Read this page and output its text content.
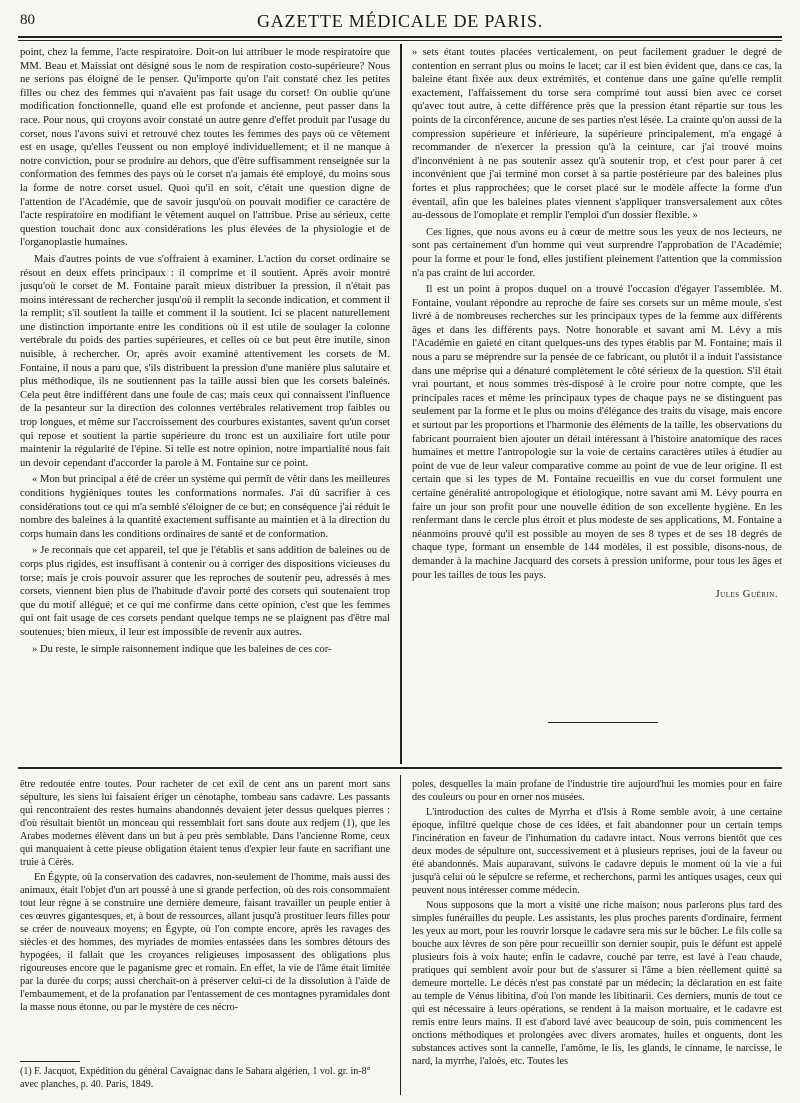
80	GAZETTE MÉDICALE DE PARIS.

point, chez la femme, l'acte respiratoire. Doit-on lui attribuer le mode respiratoire que MM. Beau et Maissiat ont désigné sous le nom de respiration costo-supérieure? Nous ne serions pas éloigné de le penser. Qu'importe qu'on l'ait constaté chez les petites filles ou chez des femmes qui n'avaient pas fait usage du corset! On oublie qu'une modification fonctionnelle, quand elle est profonde et ancienne, peut passer dans la race. Pour nous, qui croyons avoir constaté un autre genre d'effet produit par l'usage du corset, nous l'avons suivi et retrouvé chez toutes les femmes des pays où ce vêtement est en usage, qu'elles l'eussent ou non employé individuellement; et il ne manque à notre conviction, pour se produire au dehors, que d'être suffisamment renseignée sur la conformation des femmes des pays où le corset n'a jamais été employé, du moins sous la forme de notre corset usuel. Quoi qu'il en soit, c'était une question digne de l'attention de l'Académie, que de savoir jusqu'où on pouvait modifier ce caractère de l'acte respiratoire en modifiant le vêtement auquel on l'attribue. Prise au sérieux, cette question touchait donc aux considérations les plus élevées de la physiologie et de l'organoplastie humaines.

Mais d'autres points de vue s'offraient à examiner. L'action du corset ordinaire se résout en deux effets principaux : il comprime et il soutient. Après avoir montré jusqu'où le corset de M. Fontaine paraît mieux distribuer la pression, il n'était pas moins intéressant de rechercher jusqu'où il remplit la seconde indication, et comment il la remplit; s'il soutient la taille et comment il la soutient. Ici se placent naturellement une distinction importante entre les conditions où il est utile de soulager la colonne vertébrale du poids des parties supérieures, et celles où ce but peut être inutile, sinon nuisible, à rechercher. Or, après avoir examiné attentivement les corsets de M. Fontaine, il nous a paru que, s'ils distribuent la pression d'une manière plus salutaire et plus méthodique, ils ne soutiennent pas la taille aussi bien que les corsets baleinés. Cela peut être indifférent dans une foule de cas; mais ceux qui connaissent l'influence de la pesanteur sur la direction des colonnes vertébrales relativement trop faibles ou trop longues, et même sur l'accroissement des courbures existantes, savent qu'un corset qui repose et soutient la partie supérieure du tronc est un auxiliaire fort utile pour maintenir la régularité de l'épine. Si telle est notre opinion, notre impartialité nous fait un devoir cependant d'accorder la parole à M. Fontaine sur ce point.

« Mon but principal a été de créer un système qui permît de vêtir dans les meilleures conditions hygiéniques toutes les conformations normales. J'ai dû sacrifier à ces considérations tout ce qui m'a semblé s'éloigner de ce but; en conséquence j'ai réduit le nombre des baleines à la quantité exactement suffisante au maintien et à la direction du corps humain dans les conditions ordinaires de santé et de conformation.

» Je reconnais que cet appareil, tel que je l'établis et sans addition de baleines ou de corps plus rigides, est insuffisant à contenir ou à corriger des dispositions vicieuses du torse; mais je crois pouvoir assurer que les reproches de soutenir peu, adressés à mes corsets, viennent bien plus de l'habitude d'avoir porté des corsets qui soutenaient trop que du motif allégué; et ce qui me confirme dans cette opinion, c'est que les femmes qui ont fait usage de ces corsets pendant quelque temps ne se plaignent pas d'être mal soutenues; bien mieux, il leur est impossible de revenir aux autres.

» Du reste, le simple raisonnement indique que les baleines de ces cor-

» sets étant toutes placées verticalement, on peut facilement graduer le degré de contention en serrant plus ou moins le lacet; car il est bien évident que, dans ce cas, la baleine étant fixée aux deux extrémités, et contenue dans une gaîne qu'elle remplit exactement, l'affaissement du torse sera comprimé tout aussi bien avec ce corset qu'avec tout autre, à cette différence près que la pression étant répartie sur tous les points de la circonférence, aucune de ses parties n'est lésée. La crainte qu'on aussi de la compression supérieure et inférieure, la supérieure principalement, m'a engagé à recommander de n'exercer la pression qu'à la ceinture, car j'ai trouvé moins d'inconvénient à ne pas soutenir assez qu'à soutenir trop, et c'est pour parer à cet inconvénient que j'ai terminé mon corset à sa partie postérieure par des baleines plus fortes et plus rapprochées; que le corset placé sur le modèle affecte la forme d'un éventail, afin que les baleines plates viennent s'appliquer transversalement aux côtes au-dessous de l'omoplate et remplir l'emploi d'un dossier flexible. »

Ces lignes, que nous avons eu à cœur de mettre sous les yeux de nos lecteurs, ne sont pas certainement d'un homme qui veut surprendre l'approbation de l'Académie; pour la forme et pour le fond, elles justifient pleinement l'attention que la commission n'a pas craint de lui accorder.

Il est un point à propos duquel on a trouvé l'occasion d'égayer l'assemblée. M. Fontaine, voulant répondre au reproche de faire ses corsets sur un même moule, s'est livré à de nombreuses recherches sur les principaux types de la femme aux différents âges et dans les différents pays. Notre honorable et savant ami M. Lévy a mis l'Académie en gaieté en citant quelques-uns des types établis par M. Fontaine; mais il nous a paru se méprendre sur la pensée de ce fabricant, ou plutôt il a induit l'assistance dans une méprise qui a dénaturé complètement le côté sérieux de la question. S'il était vrai pourtant, et nous sommes très-disposé à le croire pour notre compte, que les principales races et même les principaux types de chaque pays ne se distinguent pas seulement par la forme et le plus ou moins d'élégance des traits du visage, mais encore et surtout par les proportions et l'harmonie des éléments de la taille, les observations du fabricant pourraient bien ajouter un détail intéressant à l'histoire anatomique des races humaines et mettre l'antropologie sur la voie de certains caractères utiles à étudier au point de vue de leur valeur comparative comme au point de vue de leur origine. Il est certain que si les types de M. Fontaine recueillis en vue du corset formulent une certaine généralité antropologique et étiologique, notre savant ami M. Lévy pourra en faire un jour son profit pour une nouvelle édition de son excellente hygiène. En les renfermant dans le cercle plus étroit et plus modeste de ses applications, M. Fontaine a néanmoins prouvé qu'il est possible au moyen de ses 8 types et de ses 18 degrés de chaque type, formant un ensemble de 144 modèles, il est possible, disons-nous, de demander à la machine Jacquard des corsets à pression uniforme, pour tous les âges et pour les tailles de tous les pays.

Jules Guérin.

être redoutée entre toutes. Pour racheter de cet exil de cent ans un parent mort sans sépulture, les siens lui faisaient ériger un cénotaphe, tombeau sans cadavre. Les passants qui rencontraient des restes humains abandonnés devaient jeter dessus quelques pierres : d'où résultait bientôt un monceau qui ressemblait fort sans doute aux redjem (1), que les Arabes modernes élèvent dans un but à peu près semblable. Dans l'ancienne Rome, ceux qui manquaient à cette pieuse obligation étaient tenus d'expier leur faute en sacrifiant une truie à Cérès.

En Égypte, où la conservation des cadavres, non-seulement de l'homme, mais aussi des animaux, était l'objet d'un art poussé à une si grande perfection, où des rois consommaient tout leur règne à se construire une dernière demeure, faisant travailler un peuple entier à ces œuvres gigantesques, et, à bout de ressources, allant jusqu'à prostituer leurs filles pour se créer de nouveaux moyens; en Égypte, où l'on compte encore, après les ravages des siècles et des hommes, des myriades de momies entassées dans les sombres détours des hypogées, il fallait que les croyances religieuses imposassent des obligations plus rigoureuses encore que le paganisme grec et romain. En effet, la vie de l'âme était limitée par la durée du corps; aussi cherchait-on à préserver celui-ci de la dissolution à l'aide de l'embaumement, et de la profanation par l'entassement de ces montagnes pyramidales dont la masse nous étonne, ou par le mystère de ces nécro-

poles, desquelles la main profane de l'industrie tire aujourd'hui les momies pour en faire des couleurs ou pour en orner nos musées.

L'introduction des cultes de Myrrha et d'Isis à Rome semble avoir, à une certaine époque, infiltré quelque chose de ces idées, et fait abandonner pour un certain temps l'incinération en faveur de l'inhumation du cadavre intact. Nous verrons bientôt que ces deux modes de sépulture ont, successivement et à plusieurs reprises, joui de la faveur ou été abandonnés. Mais auparavant, suivons le cadavre depuis le moment où la vie a fui jusqu'à celui où le sépulcre se referme, et recherchons, parmi les antiques usages, ceux qui peuvent nous intéresser comme médecin.

Nous supposons que la mort a visité une riche maison; nous parlerons plus tard des simples funérailles du peuple. Les assistants, les plus proches parents d'ordinaire, ferment les yeux au mort, pour les rouvrir lorsque le cadavre sera mis sur le bûcher. Le fils colle sa bouche aux lèvres de son père pour recueillir son dernier soupir, puis le défunt est appelé plusieurs fois à voix haute; enfin le cadavre, couché par terre, est lavé à l'eau chaude, pratiques qui semblent avoir pour but de s'assurer si l'âme a bien réellement quitté sa demeure mortelle. Le décès n'est pas constaté par un médecin; la déclaration en est faite au temple de Vénus libitina, d'où l'on mande les libitinarii. Ces derniers, munis de tout ce qui est nécessaire à leurs opérations, se rendent à la maison mortuaire, et le cadavre est remis entre leurs mains. Il est d'abord lavé avec beaucoup de soin, puis commencent les onctions méthodiques et prolongées avec divers aromates, huiles et onguents, dont les substances actives sont la cannelle, l'amôme, le lis, les glands, le cinname, le narcisse, le nard, la myrrhe, l'aloès, etc. Toutes les

(1) F. Jacquot, Expédition du général Cavaignac dans le Sahara algérien, 1 vol. gr. in-8° avec planches, p. 40. Paris, 1849.
